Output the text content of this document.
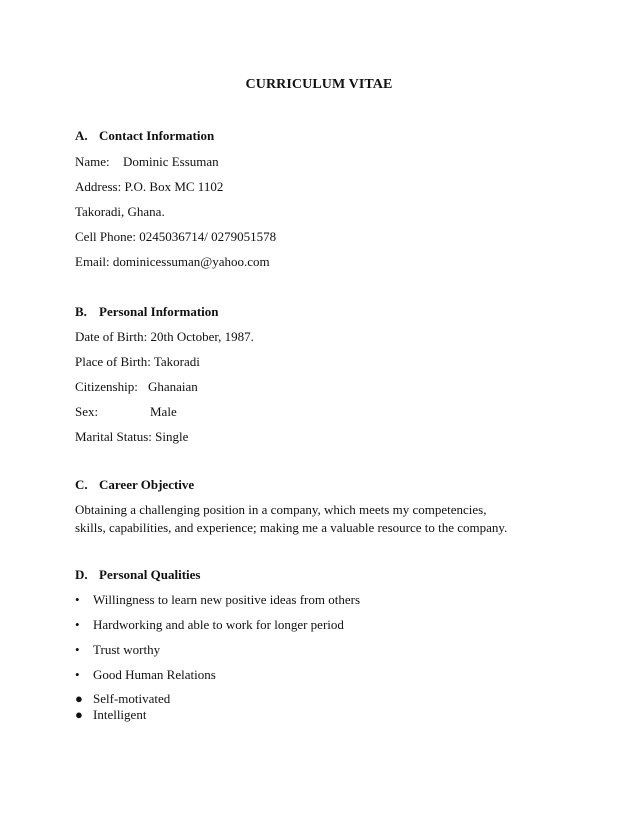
CURRICULUM VITAE
A. Contact Information
Name: Dominic Essuman
Address: P.O. Box MC 1102
Takoradi, Ghana.
Cell Phone: 0245036714/ 0279051578
Email: dominicessuman@yahoo.com
B. Personal Information
Date of Birth: 20th October, 1987.
Place of Birth: Takoradi
Citizenship: Ghanaian
Sex:	Male
Marital Status: Single
C. Career Objective
Obtaining a challenging position in a company, which meets my competencies, skills, capabilities, and experience; making me a valuable resource to the company.
D. Personal Qualities
• Willingness to learn new positive ideas from others
• Hardworking and able to work for longer period
• Trust worthy
• Good Human Relations
● Self-motivated
● Intelligent
